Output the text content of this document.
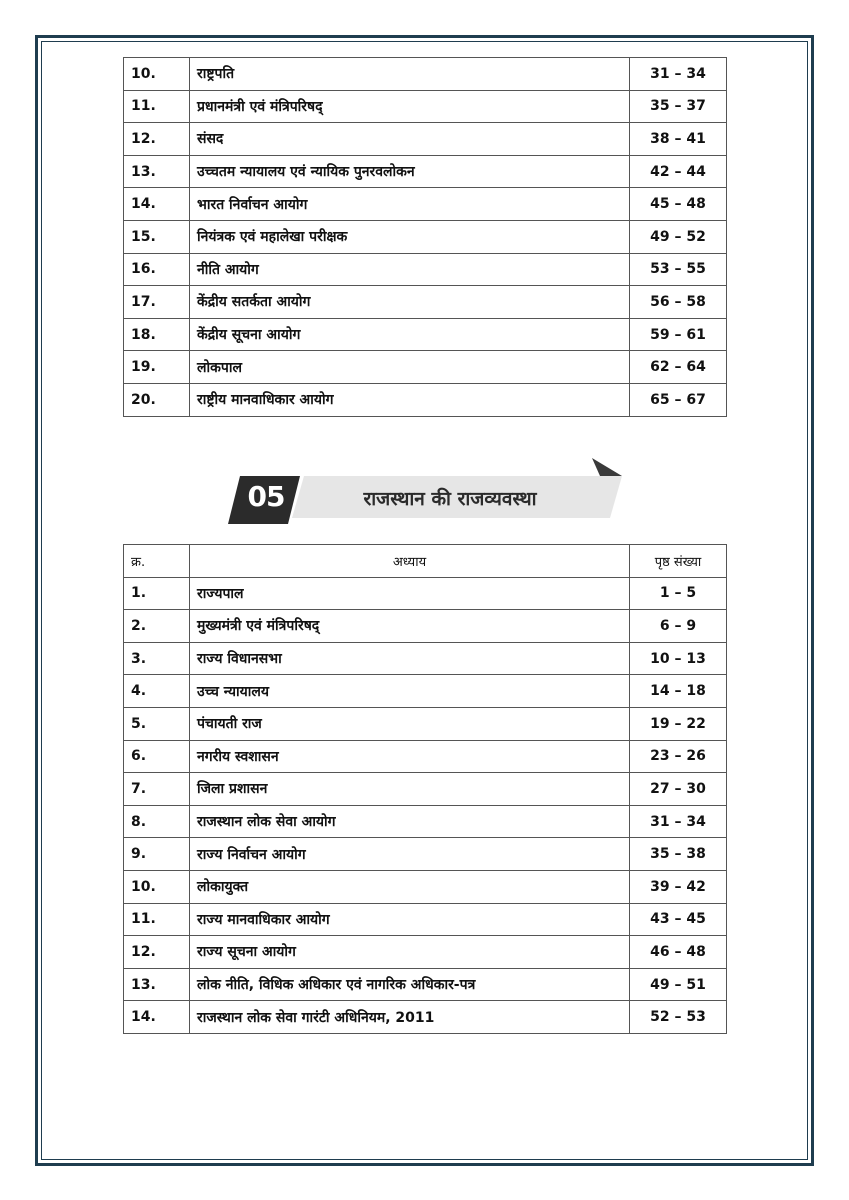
10.	राष्ट्रपति	31 – 34
11.	प्रधानमंत्री एवं मंत्रिपरिषद्	35 – 37
12.	संसद	38 – 41
13.	उच्चतम न्यायालय एवं न्यायिक पुनरवलोकन	42 – 44
14.	भारत निर्वाचन आयोग	45 – 48
15.	नियंत्रक एवं महालेखा परीक्षक	49 – 52
16.	नीति आयोग	53 – 55
17.	केंद्रीय सतर्कता आयोग	56 – 58
18.	केंद्रीय सूचना आयोग	59 – 61
19.	लोकपाल	62 – 64
20.	राष्ट्रीय मानवाधिकार आयोग	65 – 67
05	राजस्थान की राजव्यवस्था
क्र.	अध्याय	पृष्ठ संख्या
1.	राज्यपाल	1 – 5
2.	मुख्यमंत्री एवं मंत्रिपरिषद्	6 – 9
3.	राज्य विधानसभा	10 – 13
4.	उच्च न्यायालय	14 – 18
5.	पंचायती राज	19 – 22
6.	नगरीय स्वशासन	23 – 26
7.	जिला प्रशासन	27 – 30
8.	राजस्थान लोक सेवा आयोग	31 – 34
9.	राज्य निर्वाचन आयोग	35 – 38
10.	लोकायुक्त	39 – 42
11.	राज्य मानवाधिकार आयोग	43 – 45
12.	राज्य सूचना आयोग	46 – 48
13.	लोक नीति, विधिक अधिकार एवं नागरिक अधिकार-पत्र	49 – 51
14.	राजस्थान लोक सेवा गारंटी अधिनियम, 2011	52 – 53
